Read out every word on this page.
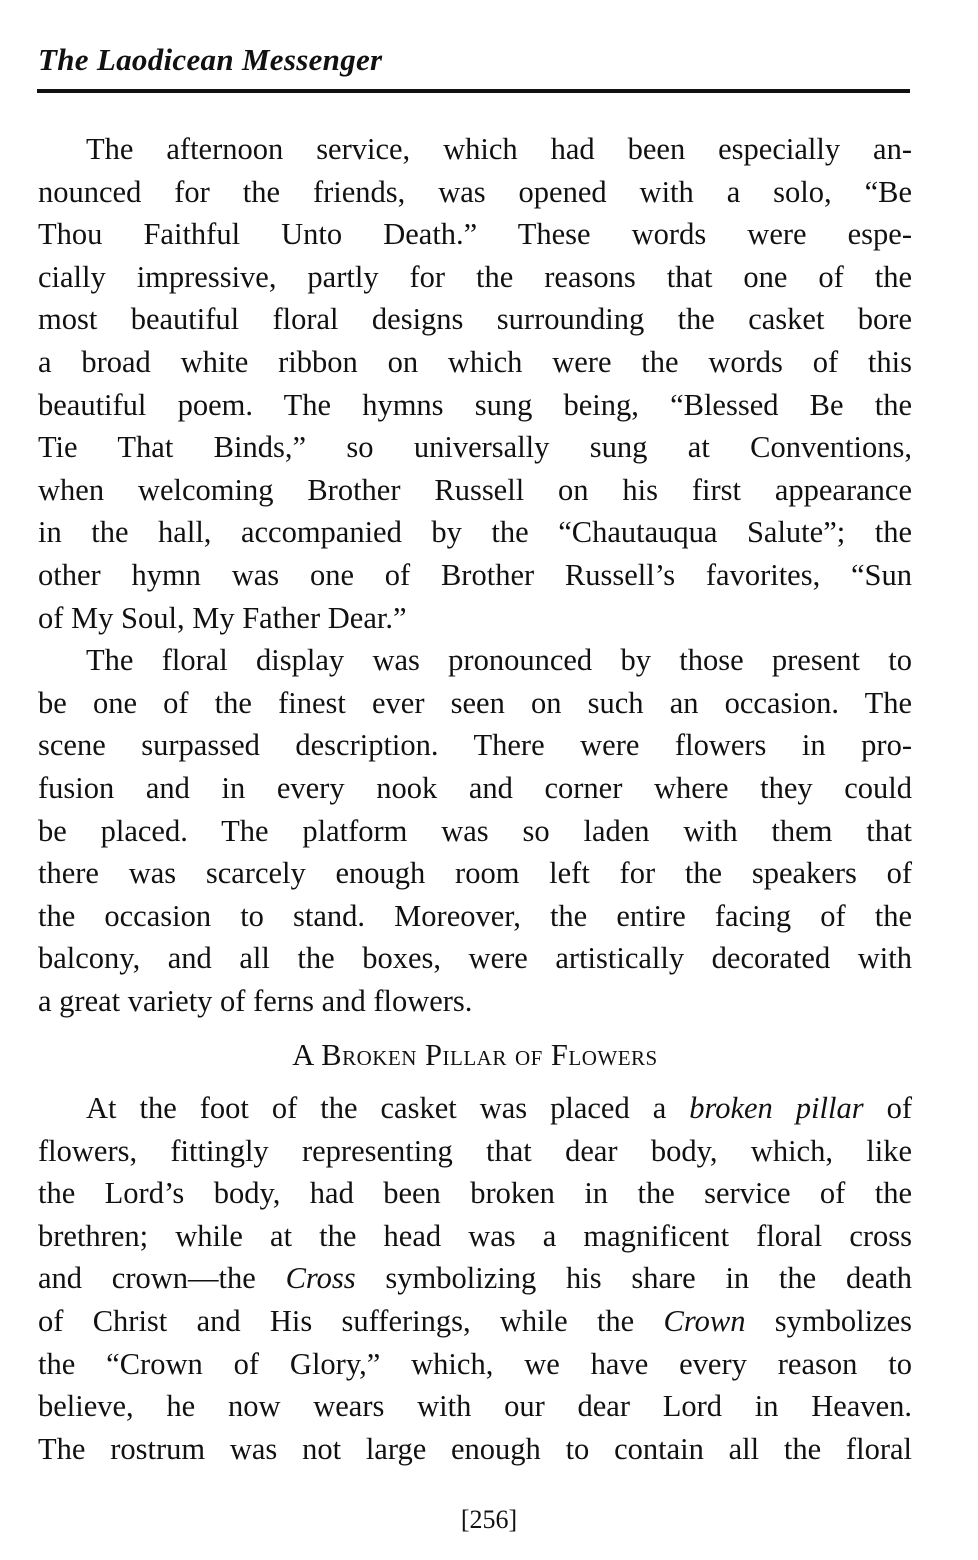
The Laodicean Messenger
The afternoon service, which had been especially an-
nounced for the friends, was opened with a solo, “Be
Thou Faithful Unto Death.” These words were espe-
cially impressive, partly for the reasons that one of the
most beautiful floral designs surrounding the casket bore
a broad white ribbon on which were the words of this
beautiful poem. The hymns sung being, “Blessed Be the
Tie That Binds,” so universally sung at Conventions,
when welcoming Brother Russell on his first appearance
in the hall, accompanied by the “Chautauqua Salute”; the
other hymn was one of Brother Russell’s favorites, “Sun
of My Soul, My Father Dear.”
The floral display was pronounced by those present to
be one of the finest ever seen on such an occasion. The
scene surpassed description. There were flowers in pro-
fusion and in every nook and corner where they could
be placed. The platform was so laden with them that
there was scarcely enough room left for the speakers of
the occasion to stand. Moreover, the entire facing of the
balcony, and all the boxes, were artistically decorated with
a great variety of ferns and flowers.
A Broken Pillar of Flowers
At the foot of the casket was placed a broken pillar of
flowers, fittingly representing that dear body, which, like
the Lord’s body, had been broken in the service of the
brethren; while at the head was a magnificent floral cross
and crown—the Cross symbolizing his share in the death
of Christ and His sufferings, while the Crown symbolizes
the “Crown of Glory,” which, we have every reason to
believe, he now wears with our dear Lord in Heaven.
The rostrum was not large enough to contain all the floral
[256]
